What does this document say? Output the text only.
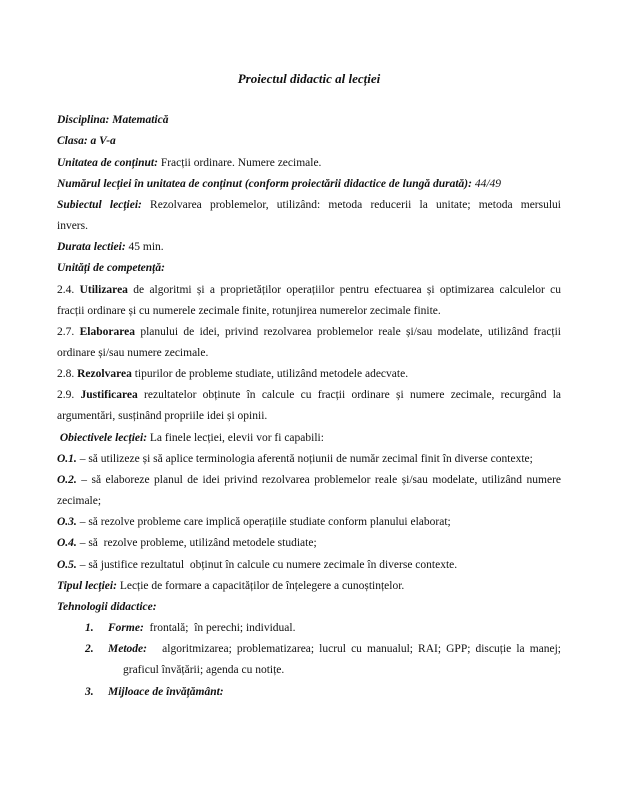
Proiectul didactic al lecției
Disciplina: Matematică
Clasa: a V-a
Unitatea de conținut: Fracții ordinare. Numere zecimale.
Numărul lecției în unitatea de conținut (conform proiectării didactice de lungă durată): 44/49
Subiectul lecției: Rezolvarea problemelor, utilizând: metoda reducerii la unitate; metoda mersului
invers.
Durata lectiei: 45 min.
Unități de competență:
2.4. Utilizarea de algoritmi și a proprietăților operațiilor pentru efectuarea și optimizarea calculelor cu
fracții ordinare și cu numerele zecimale finite, rotunjirea numerelor zecimale finite.
2.7. Elaborarea planului de idei, privind rezolvarea problemelor reale și/sau modelate, utilizând fracții
ordinare și/sau numere zecimale.
2.8. Rezolvarea tipurilor de probleme studiate, utilizând metodele adecvate.
2.9. Justificarea rezultatelor obținute în calcule cu fracții ordinare și numere zecimale, recurgând la
argumentări, susținând propriile idei și opinii.
Obiectivele lecției: La finele lecției, elevii vor fi capabili:
O.1. – să utilizeze și să aplice terminologia aferentă noțiunii de număr zecimal finit în diverse contexte;
O.2. – să elaboreze planul de idei privind rezolvarea problemelor reale și/sau modelate, utilizând numere
zecimale;
O.3. – să rezolve probleme care implică operațiile studiate conform planului elaborat;
O.4. – să  rezolve probleme, utilizând metodele studiate;
O.5. – să justifice rezultatul  obținut în calcule cu numere zecimale în diverse contexte.
Tipul lecției: Lecție de formare a capacităților de înțelegere a cunoștințelor.
Tehnologii didactice:
1. Forme:  frontală;  în perechi; individual.
2. Metode:   algoritmizarea; problematizarea; lucrul cu manualul; RAI; GPP; discuție la manej;
graficul învățării; agenda cu notițe.
3. Mijloace de învățământ:
